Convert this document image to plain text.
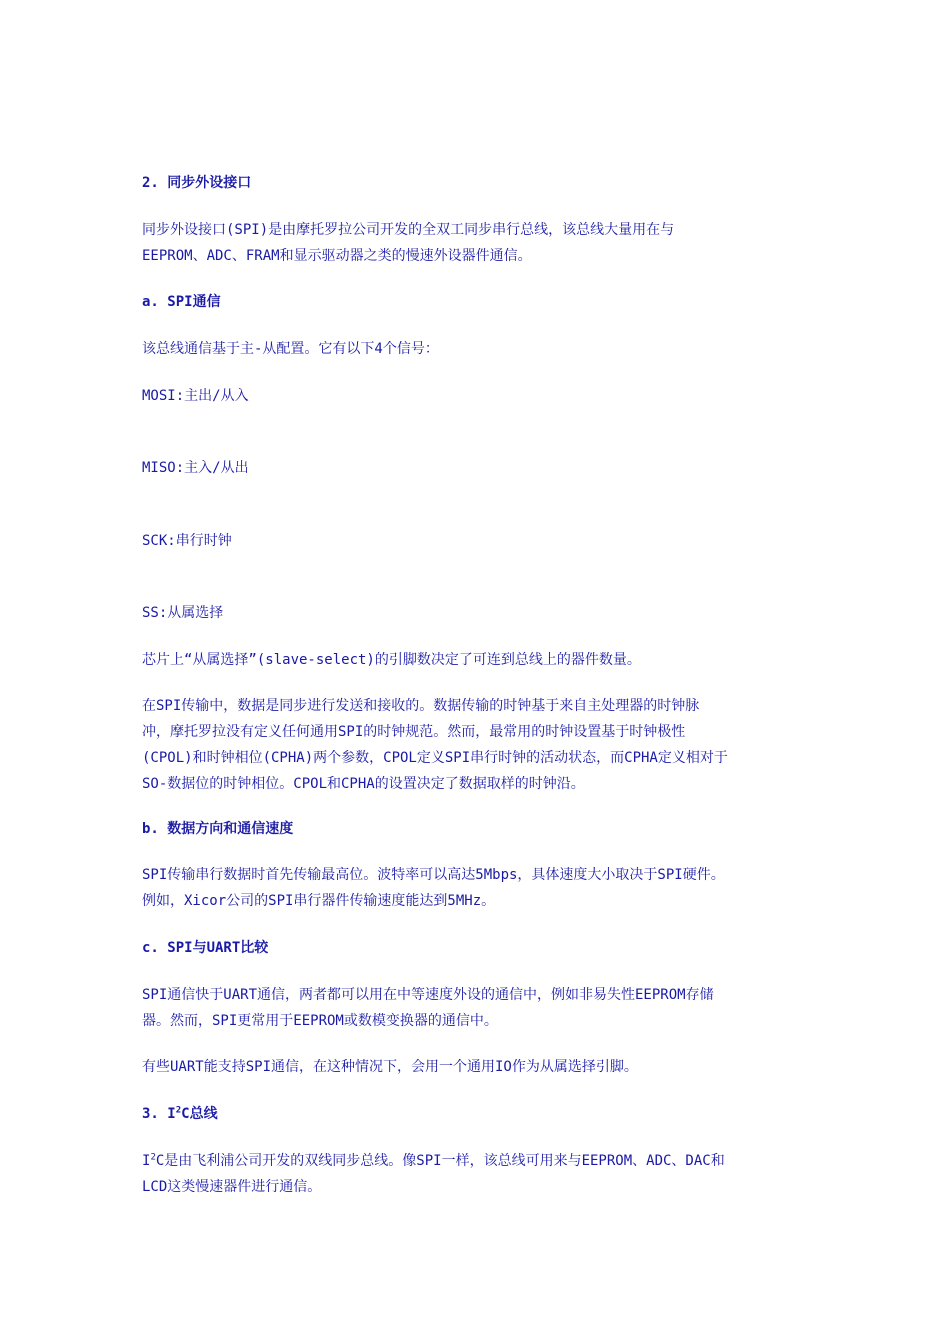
2. 同步外设接口
同步外设接口(SPI)是由摩托罗拉公司开发的全双工同步串行总线，该总线大量用在与
EEPROM、ADC、FRAM和显示驱动器之类的慢速外设器件通信。
a. SPI通信
该总线通信基于主-从配置。它有以下4个信号：
MOSI:主出/从入
MISO:主入/从出
SCK:串行时钟
SS:从属选择
芯片上“从属选择”(slave-select)的引脚数决定了可连到总线上的器件数量。
在SPI传输中，数据是同步进行发送和接收的。数据传输的时钟基于来自主处理器的时钟脉
冲，摩托罗拉没有定义任何通用SPI的时钟规范。然而，最常用的时钟设置基于时钟极性
(CPOL)和时钟相位(CPHA)两个参数，CPOL定义SPI串行时钟的活动状态，而CPHA定义相对于
SO-数据位的时钟相位。CPOL和CPHA的设置决定了数据取样的时钟沿。
b. 数据方向和通信速度
SPI传输串行数据时首先传输最高位。波特率可以高达5Mbps，具体速度大小取决于SPI硬件。
例如，Xicor公司的SPI串行器件传输速度能达到5MHz。
c. SPI与UART比较
SPI通信快于UART通信，两者都可以用在中等速度外设的通信中，例如非易失性EEPROM存储
器。然而，SPI更常用于EEPROM或数模变换器的通信中。
有些UART能支持SPI通信，在这种情况下，会用一个通用IO作为从属选择引脚。
3. $I^2C$总线
$I^2C$是由飞利浦公司开发的双线同步总线。像SPI一样，该总线可用来与EEPROM、ADC、DAC和
LCD这类慢速器件进行通信。
